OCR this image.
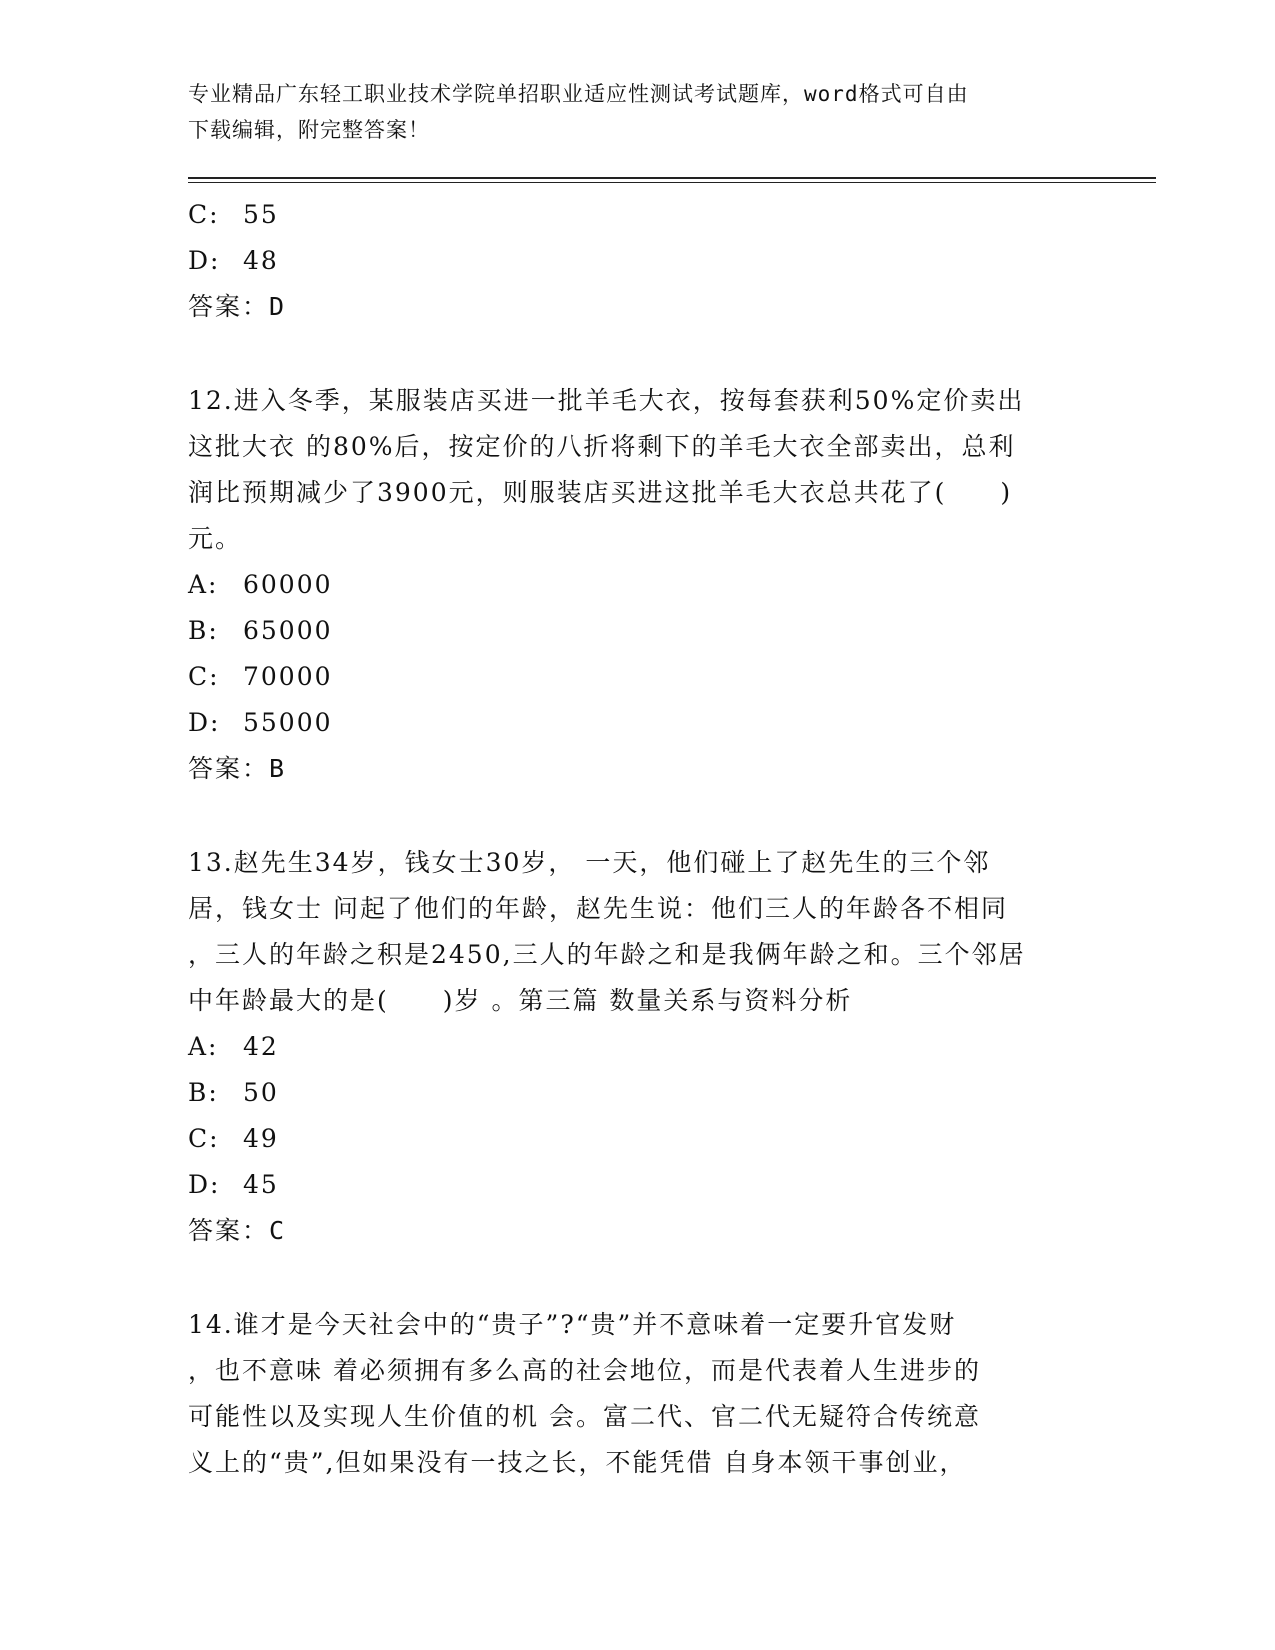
专业精品广东轻工职业技术学院单招职业适应性测试考试题库，word格式可自由
下载编辑，附完整答案！
C: 55
D: 48
答案：D
12.进入冬季，某服装店买进一批羊毛大衣，按每套获利50%定价卖出
这批大衣 的80%后，按定价的八折将剩下的羊毛大衣全部卖出，总利
润比预期减少了3900元，则服装店买进这批羊毛大衣总共花了(　　)
元。
A: 60000
B: 65000
C: 70000
D: 55000
答案：B
13.赵先生34岁，钱女士30岁， 一天，他们碰上了赵先生的三个邻
居，钱女士 问起了他们的年龄，赵先生说：他们三人的年龄各不相同
，三人的年龄之积是2450,三人的年龄之和是我俩年龄之和。三个邻居
中年龄最大的是(　　)岁 。第三篇 数量关系与资料分析
A: 42
B: 50
C: 49
D: 45
答案：C
14.谁才是今天社会中的“贵子”?“贵”并不意味着一定要升官发财
，也不意味 着必须拥有多么高的社会地位，而是代表着人生进步的
可能性以及实现人生价值的机 会。富二代、官二代无疑符合传统意
义上的“贵”,但如果没有一技之长，不能凭借 自身本领干事创业，
